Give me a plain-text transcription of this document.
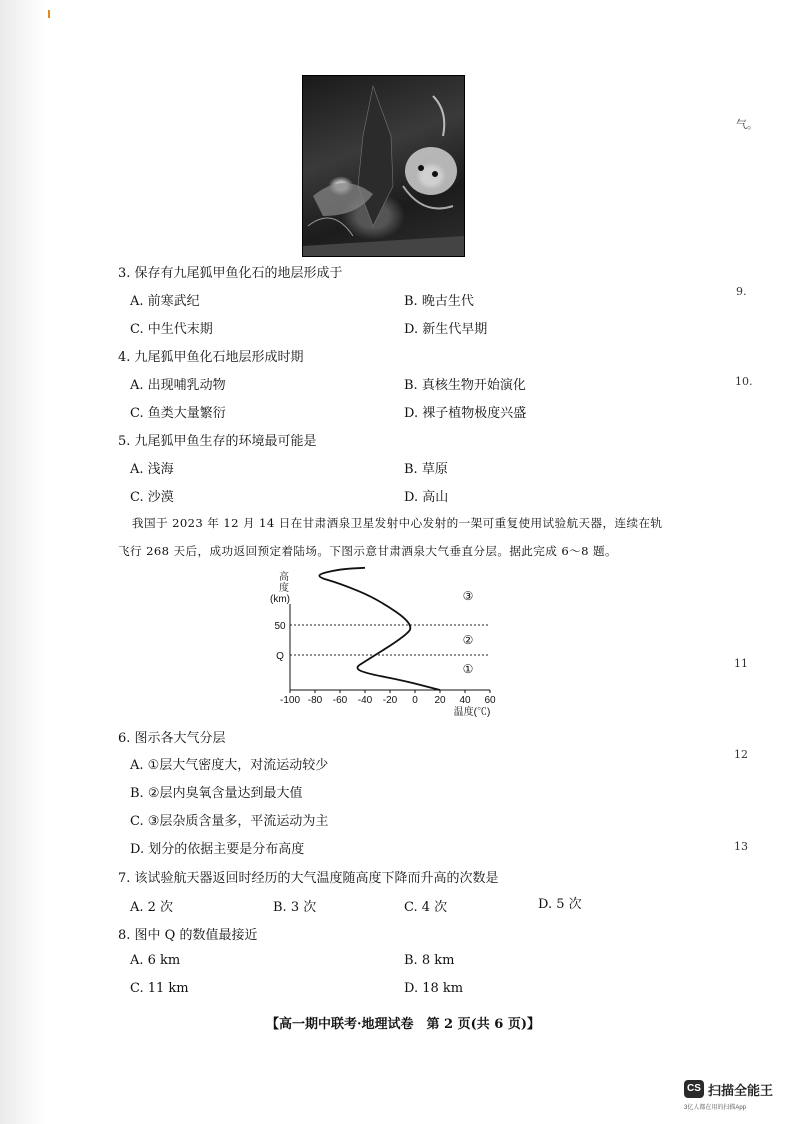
气。
9.
10.
11
12
13
3. 保存有九尾狐甲鱼化石的地层形成于
A. 前寒武纪	B. 晚古生代
C. 中生代末期	D. 新生代早期
4. 九尾狐甲鱼化石地层形成时期
A. 出现哺乳动物	B. 真核生物开始演化
C. 鱼类大量繁衍	D. 裸子植物极度兴盛
5. 九尾狐甲鱼生存的环境最可能是
A. 浅海	B. 草原
C. 沙漠	D. 高山
我国于 2023 年 12 月 14 日在甘肃酒泉卫星发射中心发射的一架可重复使用试验航天器，连续在轨
飞行 268 天后，成功返回预定着陆场。下图示意甘肃酒泉大气垂直分层。据此完成 6～8 题。
高度(km)
50
Q
-100 -80 -60 -40 -20 0 20 40 60
①
②
③
温度(℃)
6. 图示各大气分层
A. ①层大气密度大，对流运动较少
B. ②层内臭氧含量达到最大值
C. ③层杂质含量多，平流运动为主
D. 划分的依据主要是分布高度
7. 该试验航天器返回时经历的大气温度随高度下降而升高的次数是
A. 2 次	B. 3 次	C. 4 次	D. 5 次
8. 图中 Q 的数值最接近
A. 6 km	B. 8 km
C. 11 km	D. 18 km
【高一期中联考·地理试卷　第 2 页(共 6 页)】
CS 扫描全能王
3亿人都在用的扫描App
